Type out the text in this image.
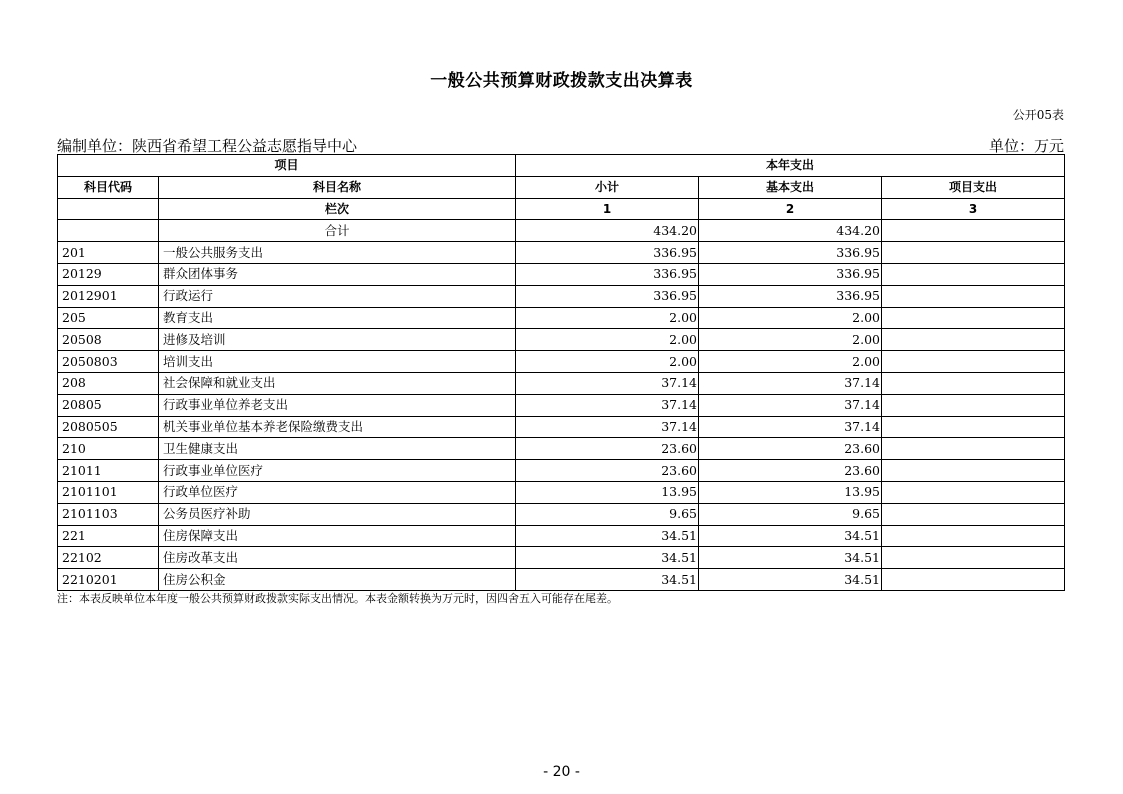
一般公共预算财政拨款支出决算表
公开05表
编制单位：陕西省希望工程公益志愿指导中心	单位：万元
项目		本年支出		
科目代码	科目名称	小计	基本支出	项目支出
	栏次	1	2	3
	合计	434.20	434.20	
201	一般公共服务支出	336.95	336.95	
20129	群众团体事务	336.95	336.95	
2012901	行政运行	336.95	336.95	
205	教育支出	2.00	2.00	
20508	进修及培训	2.00	2.00	
2050803	培训支出	2.00	2.00	
208	社会保障和就业支出	37.14	37.14	
20805	行政事业单位养老支出	37.14	37.14	
2080505	机关事业单位基本养老保险缴费支出	37.14	37.14	
210	卫生健康支出	23.60	23.60	
21011	行政事业单位医疗	23.60	23.60	
2101101	行政单位医疗	13.95	13.95	
2101103	公务员医疗补助	9.65	9.65	
221	住房保障支出	34.51	34.51	
22102	住房改革支出	34.51	34.51	
2210201	住房公积金	34.51	34.51	
注：本表反映单位本年度一般公共预算财政拨款实际支出情况。本表金额转换为万元时，因四舍五入可能存在尾差。
- 20 -
